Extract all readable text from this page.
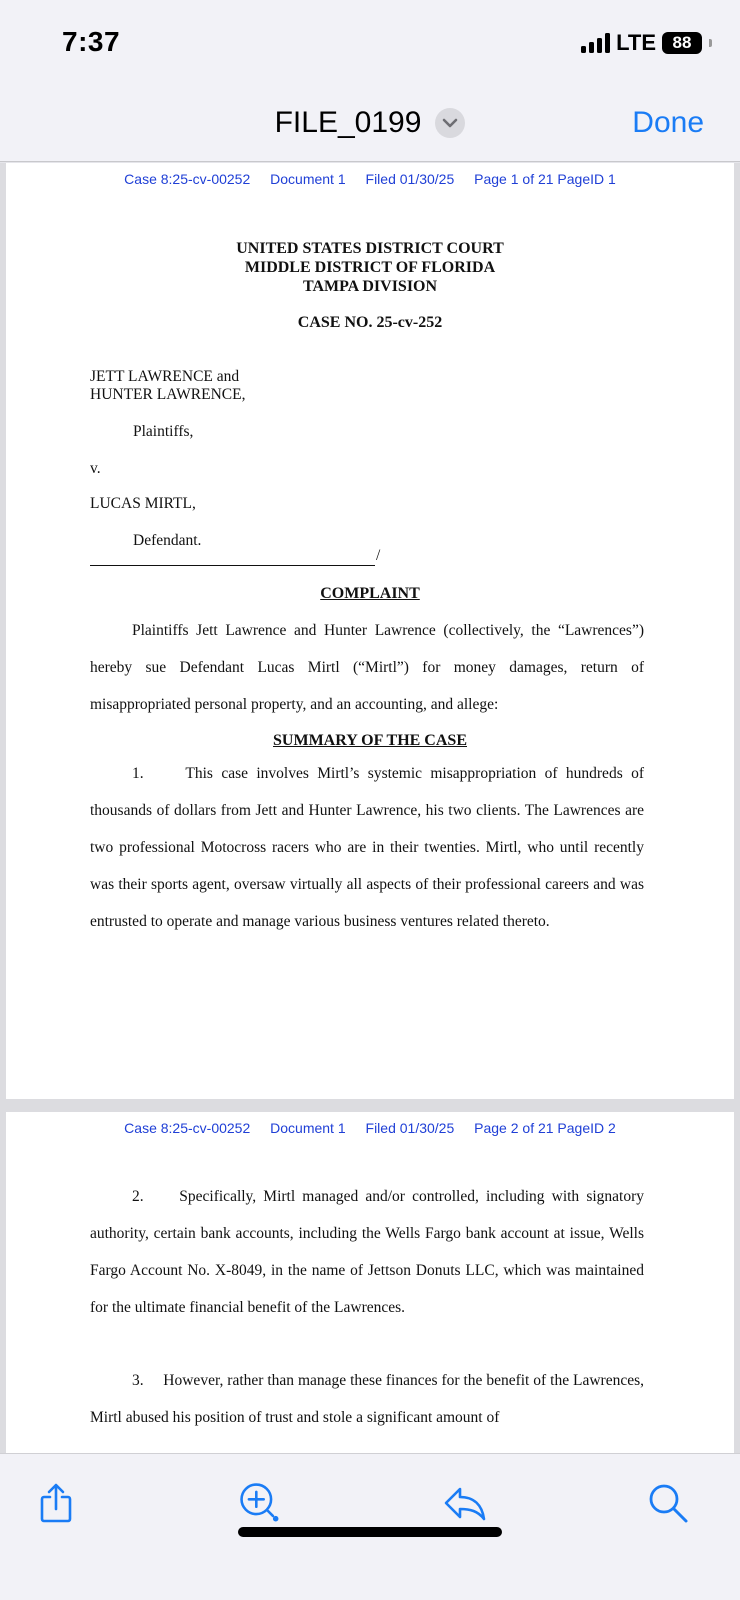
7:37	LTE 88
FILE_0199	Done
Case 8:25-cv-00252 Document 1 Filed 01/30/25 Page 1 of 21 PageID 1
UNITED STATES DISTRICT COURT
MIDDLE DISTRICT OF FLORIDA
TAMPA DIVISION
CASE NO. 25-cv-252
JETT LAWRENCE and
HUNTER LAWRENCE,
Plaintiffs,
v.
LUCAS MIRTL,
Defendant.
/
COMPLAINT
Plaintiffs Jett Lawrence and Hunter Lawrence (collectively, the “Lawrences”) hereby sue Defendant Lucas Mirtl (“Mirtl”) for money damages, return of misappropriated personal property, and an accounting, and allege:
SUMMARY OF THE CASE
1.	This case involves Mirtl’s systemic misappropriation of hundreds of thousands of dollars from Jett and Hunter Lawrence, his two clients. The Lawrences are two professional Motocross racers who are in their twenties. Mirtl, who until recently was their sports agent, oversaw virtually all aspects of their professional careers and was entrusted to operate and manage various business ventures related thereto.
Case 8:25-cv-00252 Document 1 Filed 01/30/25 Page 2 of 21 PageID 2
2. Specifically, Mirtl managed and/or controlled, including with signatory authority, certain bank accounts, including the Wells Fargo bank account at issue, Wells Fargo Account No. X-8049, in the name of Jettson Donuts LLC, which was maintained for the ultimate financial benefit of the Lawrences.
3. However, rather than manage these finances for the benefit of the Lawrences, Mirtl abused his position of trust and stole a significant amount of
